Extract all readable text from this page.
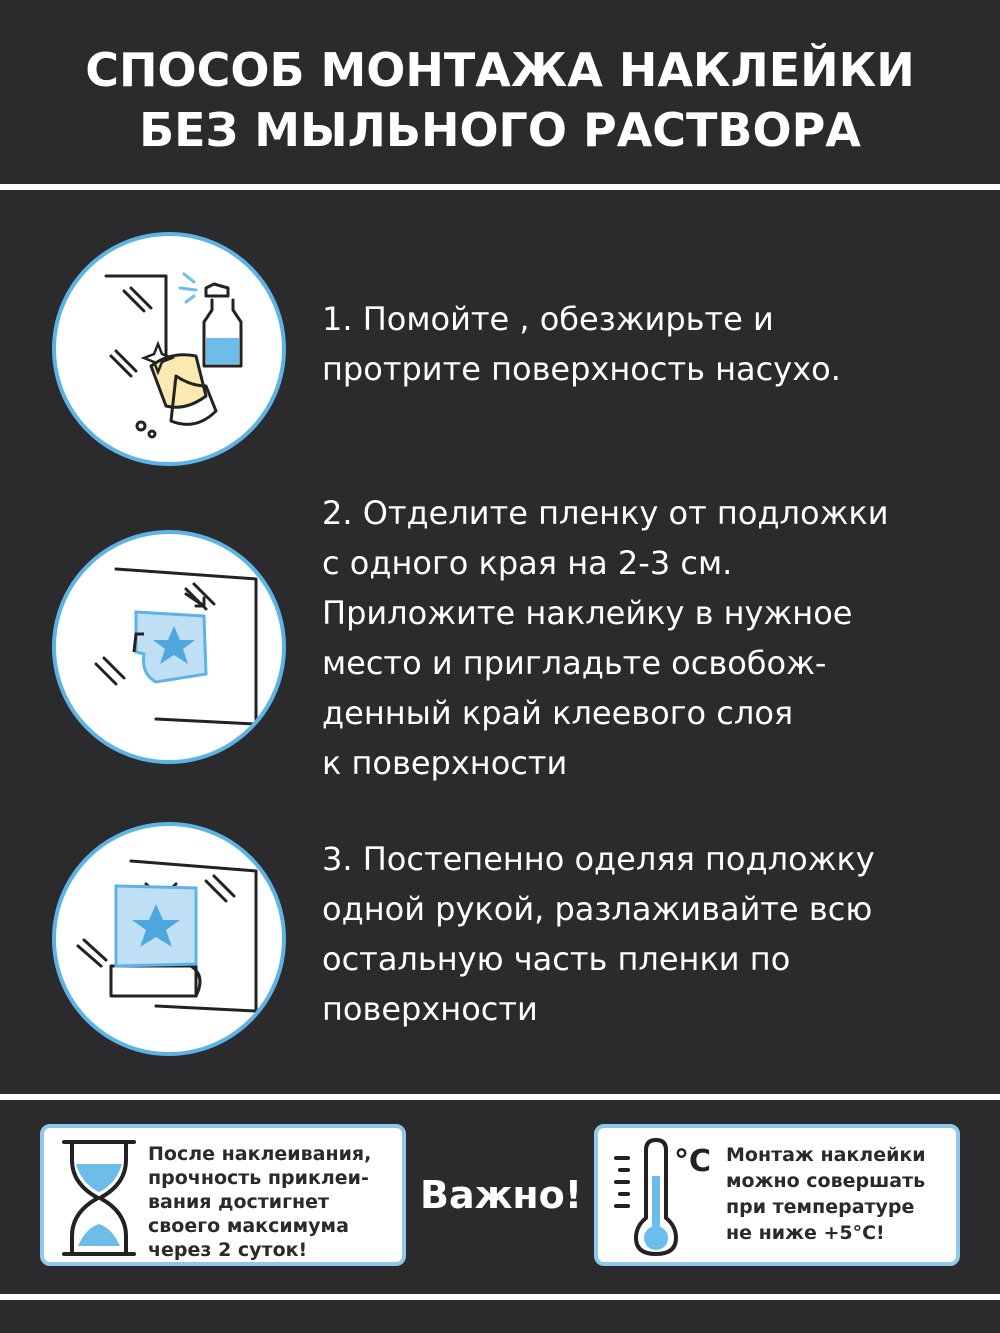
СПОСОБ МОНТАЖА НАКЛЕЙКИ
БЕЗ МЫЛЬНОГО РАСТВОРА
1. Помойте , обезжирьте и
протрите поверхность насухо.
2. Отделите пленку от подложки
с одного края на 2-3 см.
Приложите наклейку в нужное
место и пригладьте освобож-
денный край клеевого слоя
к поверхности
3. Постепенно оделяя подложку
одной рукой, разлаживайте всю
остальную часть пленки по
поверхности
После наклеивания,
прочность приклеи-
вания достигнет
своего максимума
через 2 суток!
Важно!
°С Монтаж наклейки
можно совершать
при температуре
не ниже +5°С!
